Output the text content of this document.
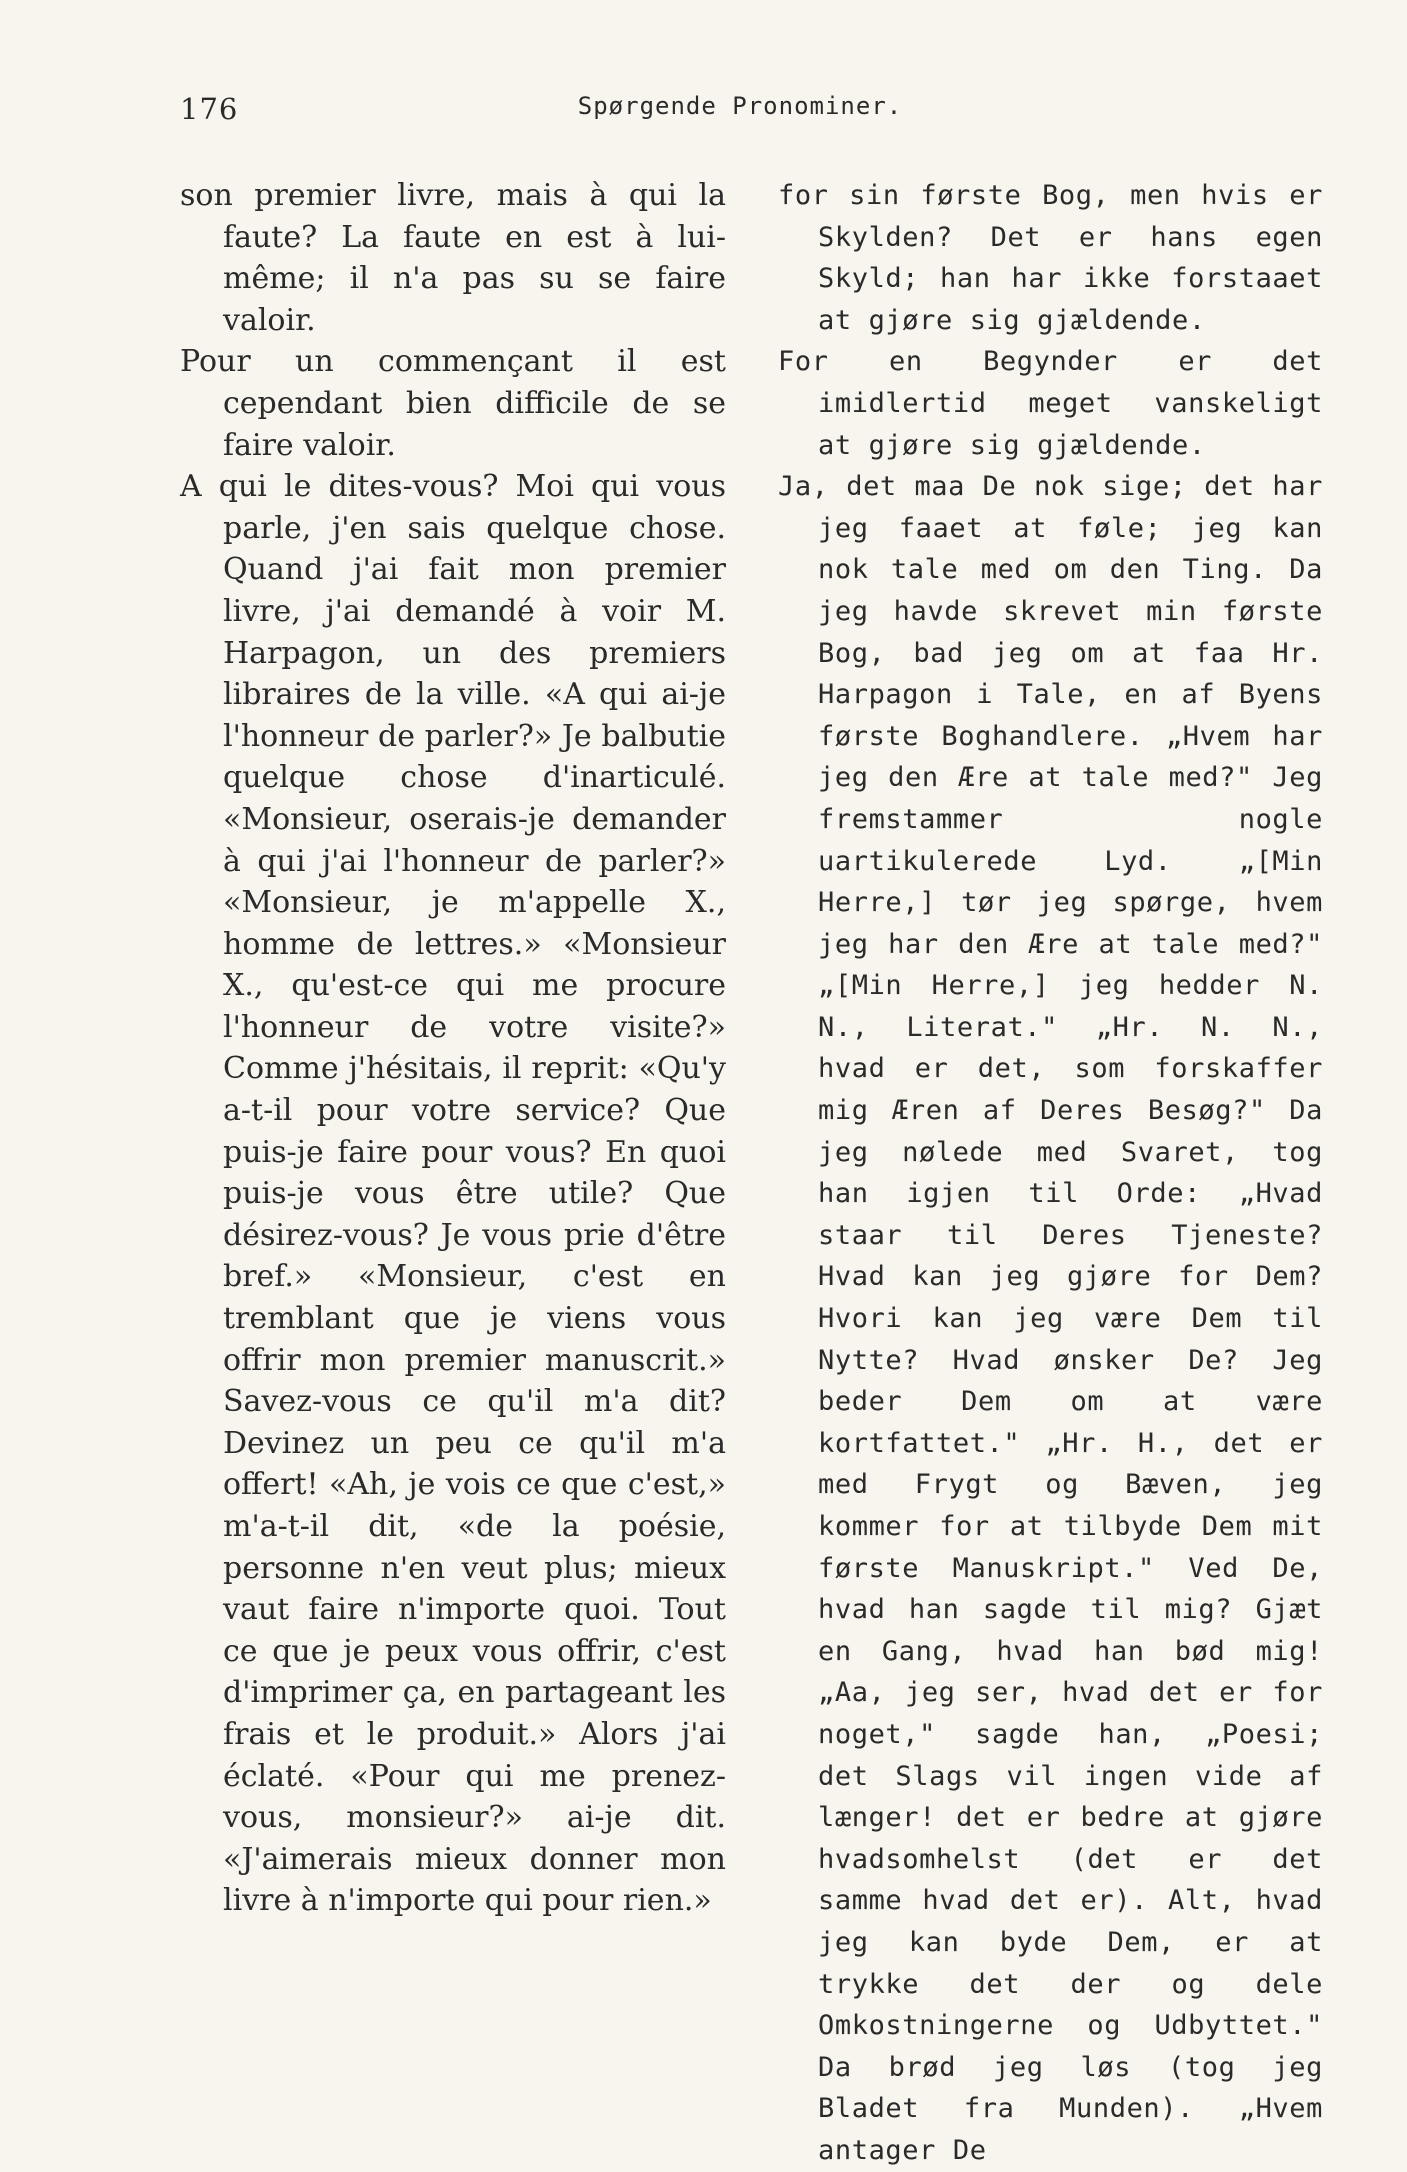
176	Spørgende Pronominer.

son premier livre, mais à qui la faute? La faute en est à lui-même; il n'a pas su se faire valoir.

Pour un commençant il est cependant bien difficile de se faire valoir.

A qui le dites-vous? Moi qui vous parle, j'en sais quelque chose. Quand j'ai fait mon premier livre, j'ai demandé à voir M. Harpagon, un des premiers libraires de la ville. «A qui ai-je l'honneur de parler?» Je balbutie quelque chose d'inarticulé. «Monsieur, oserais-je demander à qui j'ai l'honneur de parler?» «Monsieur, je m'appelle X., homme de lettres.» «Monsieur X., qu'est-ce qui me procure l'honneur de votre visite?» Comme j'hésitais, il reprit: «Qu'y a-t-il pour votre service? Que puis-je faire pour vous? En quoi puis-je vous être utile? Que désirez-vous? Je vous prie d'être bref.» «Monsieur, c'est en tremblant que je viens vous offrir mon premier manuscrit.» Savez-vous ce qu'il m'a dit? Devinez un peu ce qu'il m'a offert! «Ah, je vois ce que c'est,» m'a-t-il dit, «de la poésie, personne n'en veut plus; mieux vaut faire n'importe quoi. Tout ce que je peux vous offrir, c'est d'imprimer ça, en partageant les frais et le produit.» Alors j'ai éclaté. «Pour qui me prenez-vous, monsieur?» ai-je dit. «J'aimerais mieux donner mon livre à n'importe qui pour rien.»

for sin første Bog, men hvis er Skylden? Det er hans egen Skyld; han har ikke forstaaet at gjøre sig gjældende.

For en Begynder er det imidlertid meget vanskeligt at gjøre sig gjældende.

Ja, det maa De nok sige; det har jeg faaet at føle; jeg kan nok tale med om den Ting. Da jeg havde skrevet min første Bog, bad jeg om at faa Hr. Harpagon i Tale, en af Byens første Boghandlere. „Hvem har jeg den Ære at tale med?" Jeg fremstammer nogle uartikulerede Lyd. „[Min Herre,] tør jeg spørge, hvem jeg har den Ære at tale med?" „[Min Herre,] jeg hedder N. N., Literat." „Hr. N. N., hvad er det, som forskaffer mig Æren af Deres Besøg?" Da jeg nølede med Svaret, tog han igjen til Orde: „Hvad staar til Deres Tjeneste? Hvad kan jeg gjøre for Dem? Hvori kan jeg være Dem til Nytte? Hvad ønsker De? Jeg beder Dem om at være kortfattet." „Hr. H., det er med Frygt og Bæven, jeg kommer for at tilbyde Dem mit første Manuskript." Ved De, hvad han sagde til mig? Gjæt en Gang, hvad han bød mig! „Aa, jeg ser, hvad det er for noget," sagde han, „Poesi; det Slags vil ingen vide af længer! det er bedre at gjøre hvadsomhelst (det er det samme hvad det er). Alt, hvad jeg kan byde Dem, er at trykke det der og dele Omkostningerne og Udbyttet." Da brød jeg løs (tog jeg Bladet fra Munden). „Hvem antager De
